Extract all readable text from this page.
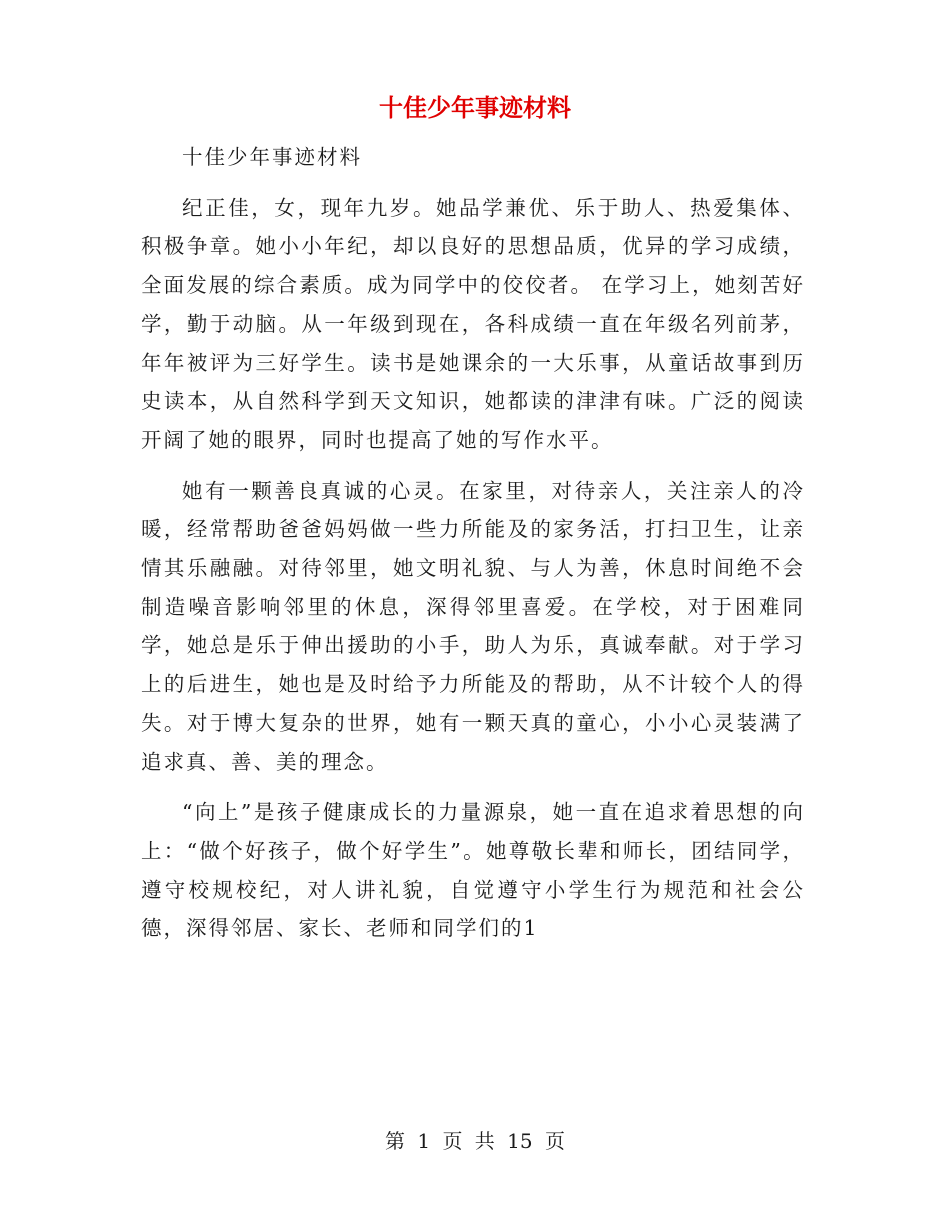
十佳少年事迹材料

十佳少年事迹材料

纪正佳，女，现年九岁。她品学兼优、乐于助人、热爱集体、积极争章。她小小年纪，却以良好的思想品质，优异的学习成绩，全面发展的综合素质。成为同学中的佼佼者。 在学习上，她刻苦好学，勤于动脑。从一年级到现在，各科成绩一直在年级名列前茅，年年被评为三好学生。读书是她课余的一大乐事，从童话故事到历史读本，从自然科学到天文知识，她都读的津津有味。广泛的阅读开阔了她的眼界，同时也提高了她的写作水平。

她有一颗善良真诚的心灵。在家里，对待亲人，关注亲人的冷暖，经常帮助爸爸妈妈做一些力所能及的家务活，打扫卫生，让亲情其乐融融。对待邻里，她文明礼貌、与人为善，休息时间绝不会制造噪音影响邻里的休息，深得邻里喜爱。在学校，对于困难同学，她总是乐于伸出援助的小手，助人为乐，真诚奉献。对于学习上的后进生，她也是及时给予力所能及的帮助，从不计较个人的得失。对于博大复杂的世界，她有一颗天真的童心，小小心灵装满了追求真、善、美的理念。

“向上”是孩子健康成长的力量源泉，她一直在追求着思想的向上：“做个好孩子，做个好学生”。她尊敬长辈和师长，团结同学，遵守校规校纪，对人讲礼貌，自觉遵守小学生行为规范和社会公德，深得邻居、家长、老师和同学们的1

第 1 页 共 15 页
